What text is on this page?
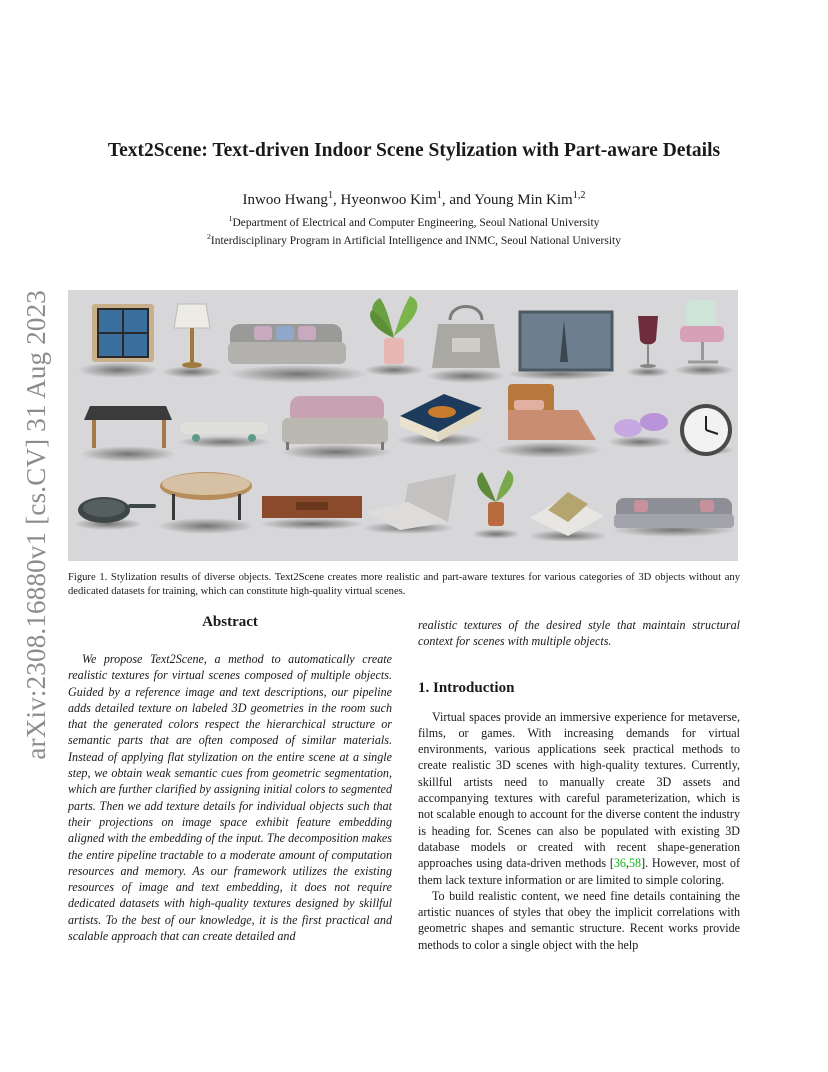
arXiv:2308.16880v1 [cs.CV] 31 Aug 2023
Text2Scene: Text-driven Indoor Scene Stylization with Part-aware Details
Inwoo Hwang$^1$, Hyeonwoo Kim$^1$, and Young Min Kim$^{1,2}$
$^1$Department of Electrical and Computer Engineering, Seoul National University
$^2$Interdisciplinary Program in Artificial Intelligence and INMC, Seoul National University
Figure 1. Stylization results of diverse objects. Text2Scene creates more realistic and part-aware textures for various categories of 3D objects without any dedicated datasets for training, which can constitute high-quality virtual scenes.
Abstract

We propose Text2Scene, a method to automatically create realistic textures for virtual scenes composed of multiple objects. Guided by a reference image and text descriptions, our pipeline adds detailed texture on labeled 3D geometries in the room such that the generated colors respect the hierarchical structure or semantic parts that are often composed of similar materials. Instead of applying flat stylization on the entire scene at a single step, we obtain weak semantic cues from geometric segmentation, which are further clarified by assigning initial colors to segmented parts. Then we add texture details for individual objects such that their projections on image space exhibit feature embedding aligned with the embedding of the input. The decomposition makes the entire pipeline tractable to a moderate amount of computation resources and memory. As our framework utilizes the existing resources of image and text embedding, it does not require dedicated datasets with high-quality textures designed by skillful artists. To the best of our knowledge, it is the first practical and scalable approach that can create detailed and

realistic textures of the desired style that maintain structural context for scenes with multiple objects.

1. Introduction

Virtual spaces provide an immersive experience for metaverse, films, or games. With increasing demands for virtual environments, various applications seek practical methods to create realistic 3D scenes with high-quality textures. Currently, skillful artists need to manually create 3D assets and accompanying textures with careful parameterization, which is not scalable enough to account for the diverse content the industry is heading for. Scenes can also be populated with existing 3D database models or created with recent shape-generation approaches using data-driven methods [36,58]. However, most of them lack texture information or are limited to simple coloring.

To build realistic content, we need fine details containing the artistic nuances of styles that obey the implicit correlations with geometric shapes and semantic structure. Recent works provide methods to color a single object with the help
